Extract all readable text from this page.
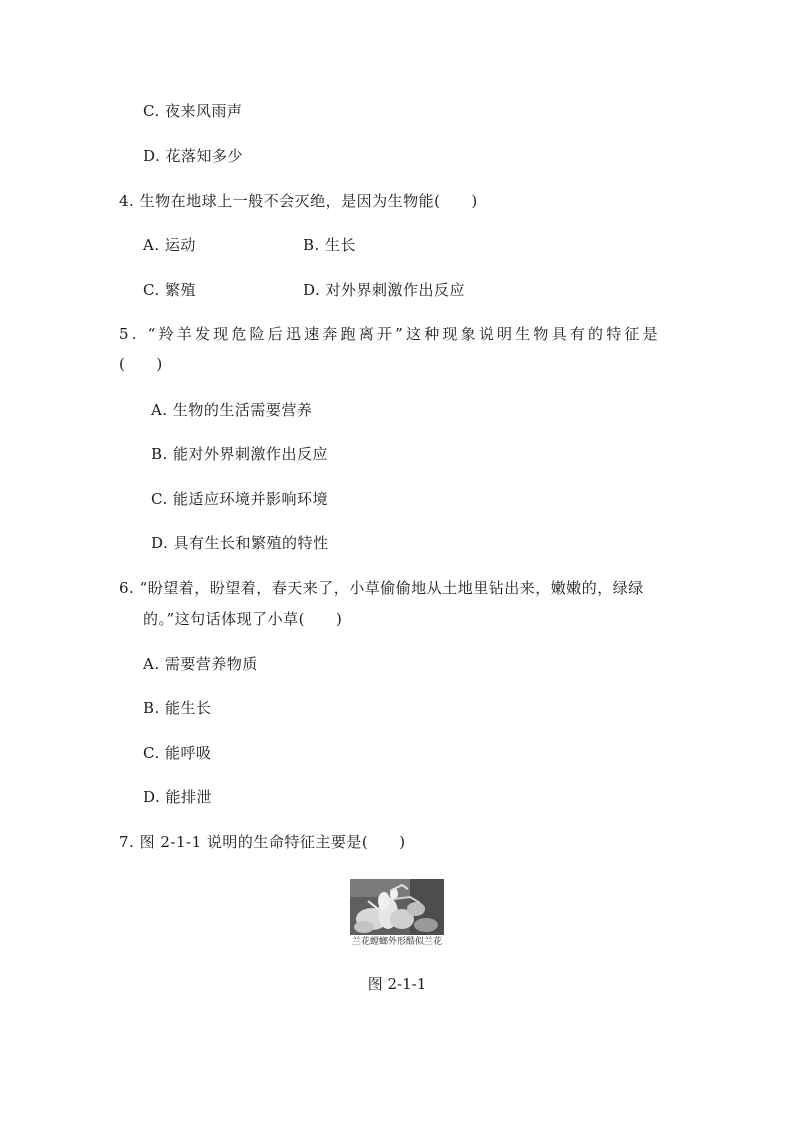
C. 夜来风雨声
D. 花落知多少
4. 生物在地球上一般不会灭绝，是因为生物能(　　)
A. 运动	B. 生长
C. 繁殖	D. 对外界刺激作出反应
5. “羚羊发现危险后迅速奔跑离开”这种现象说明生物具有的特征是
(　　)
A. 生物的生活需要营养
B. 能对外界刺激作出反应
C. 能适应环境并影响环境
D. 具有生长和繁殖的特性
6. “盼望着，盼望着，春天来了，小草偷偷地从土地里钻出来，嫩嫩的，绿绿
的。”这句话体现了小草(　　)
A. 需要营养物质
B. 能生长
C. 能呼吸
D. 能排泄
7. 图 2-1-1 说明的生命特征主要是(　　)
兰花螳螂外形酷似兰花
图 2-1-1
